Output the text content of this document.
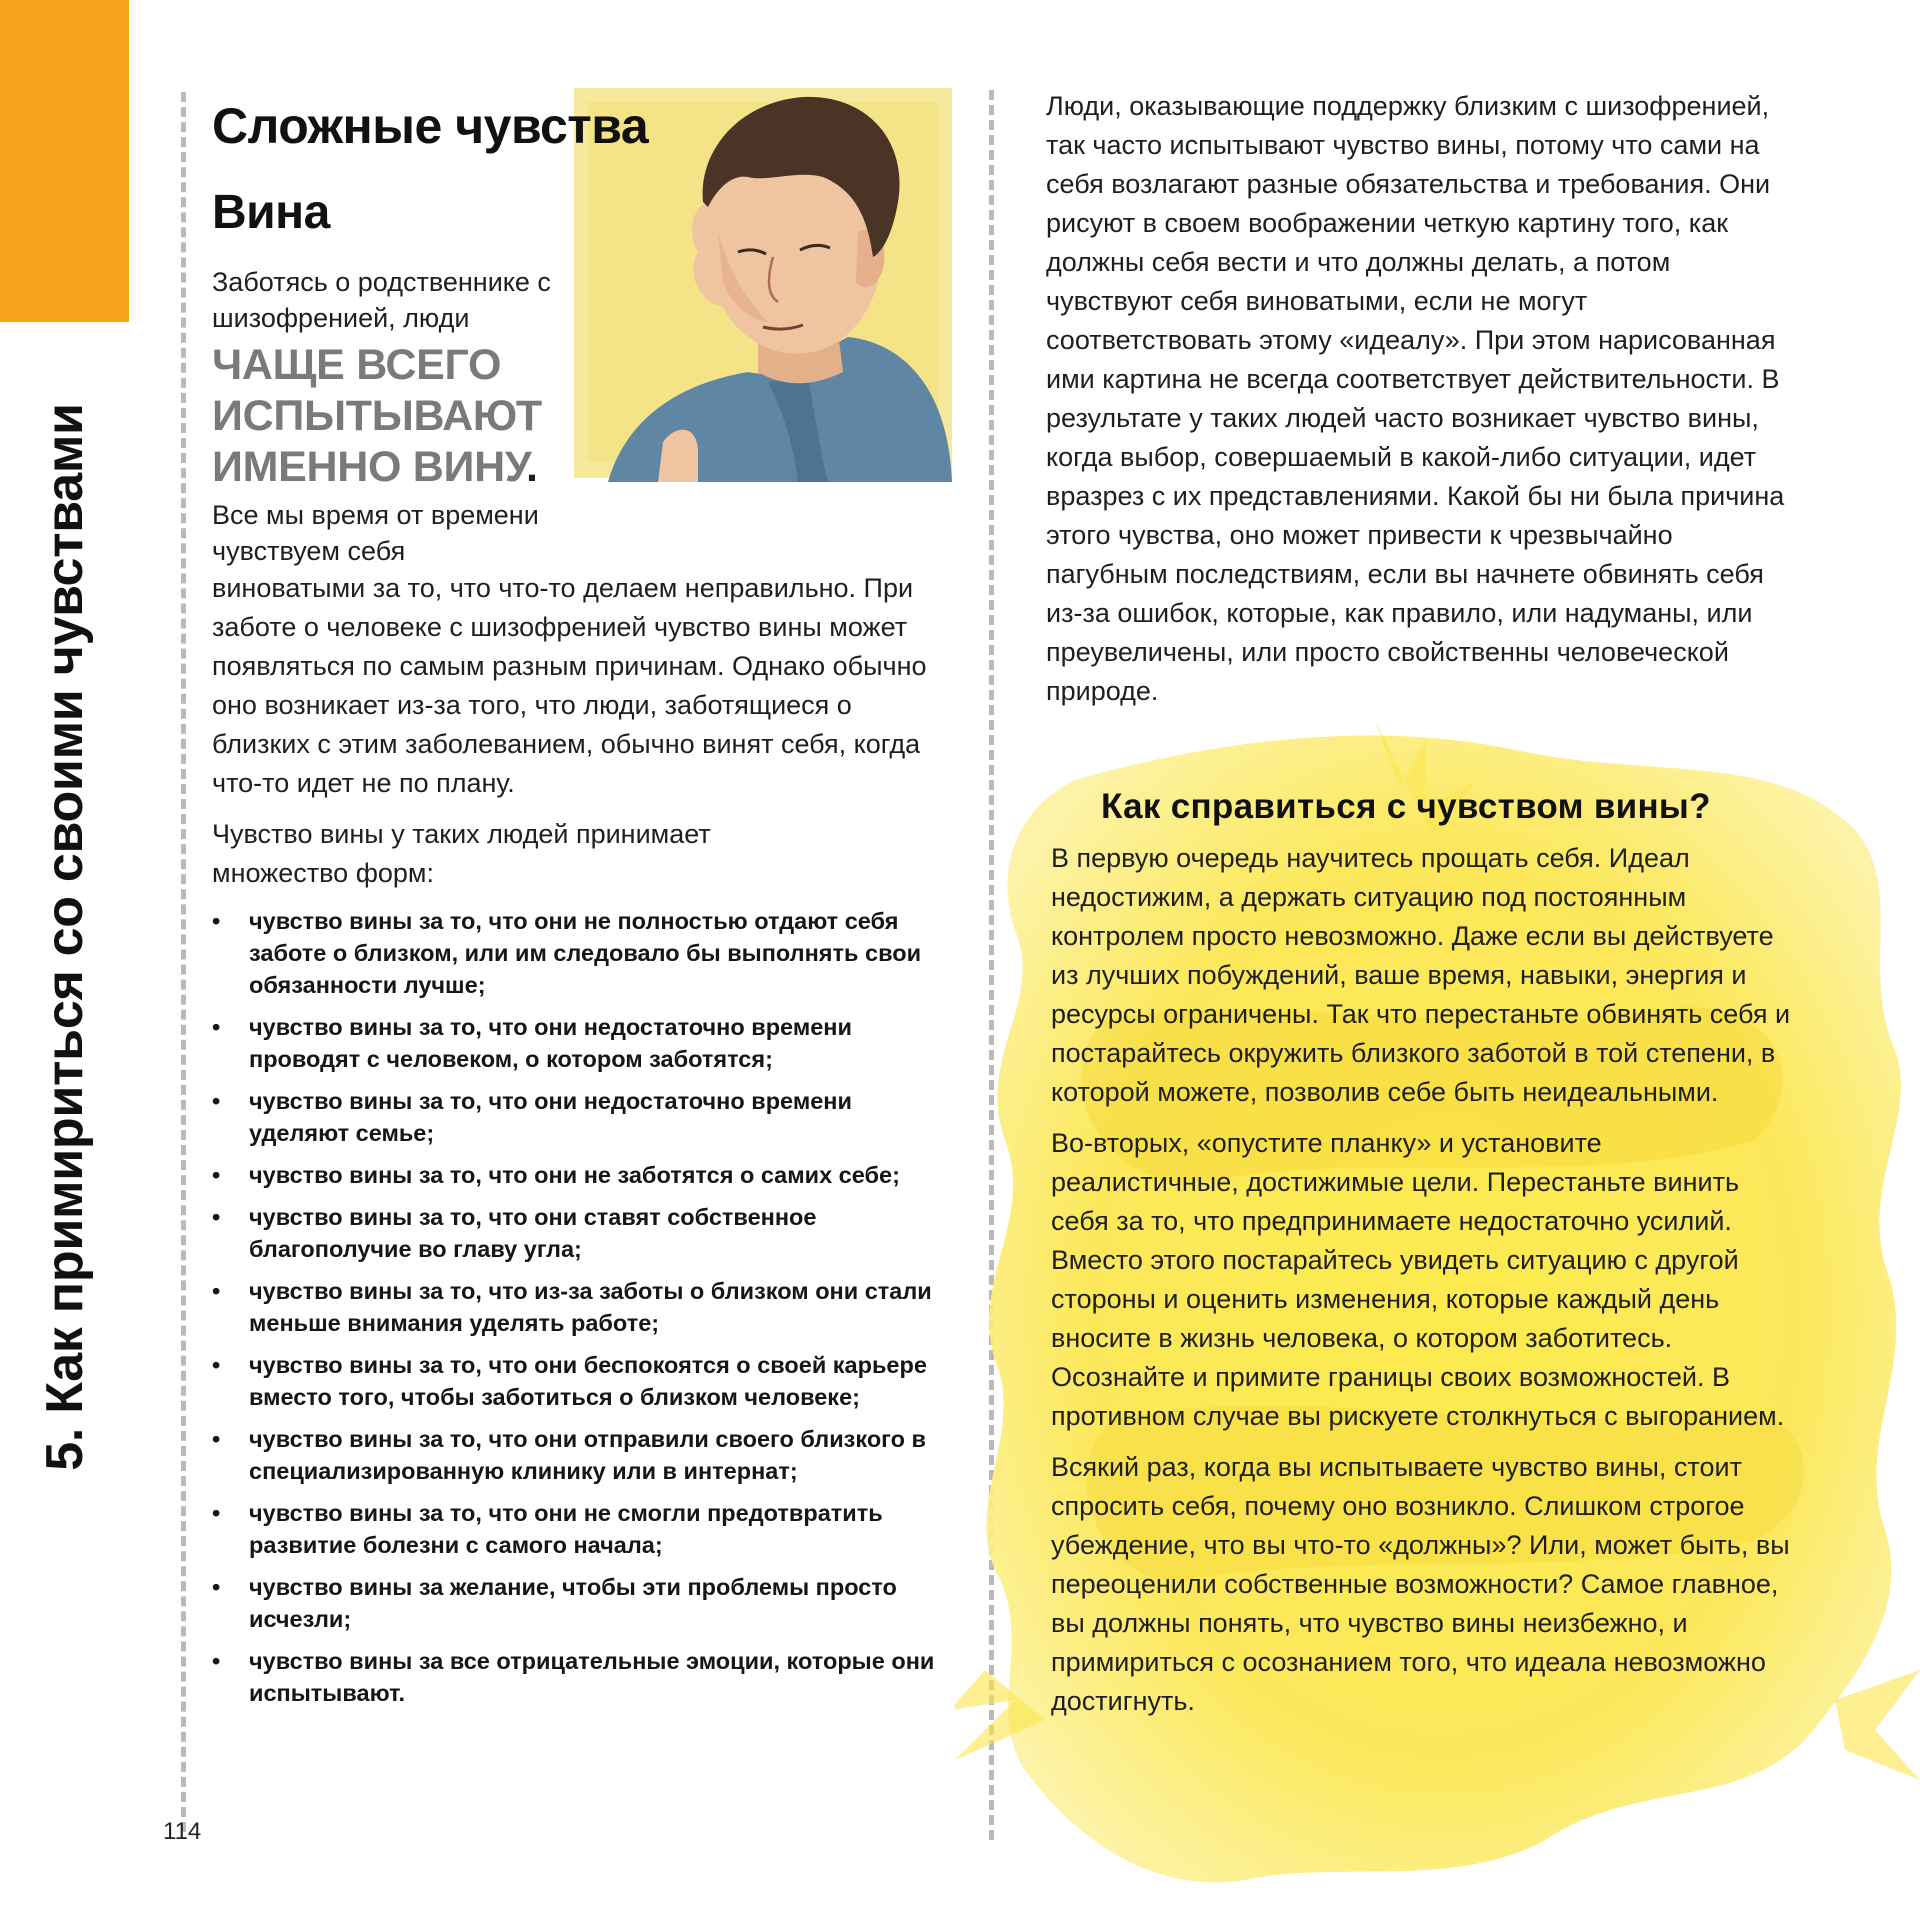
5. Как примириться со своими чувствами
Сложные чувства
Вина
Заботясь о родственнике с шизофренией, люди
ЧАЩЕ ВСЕГО ИСПЫТЫВАЮТ ИМЕННО ВИНУ.
Все мы время от времени чувствуем себя
виноватыми за то, что что-то делаем неправильно. При заботе о человеке с шизофренией чувство вины может появляться по самым разным причинам. Однако обычно оно возникает из-за того, что люди, заботящиеся о близких с этим заболеванием, обычно винят себя, когда что-то идет не по плану.
Чувство вины у таких людей принимает множество форм:
• чувство вины за то, что они не полностью отдают себя заботе о близком, или им следовало бы выполнять свои обязанности лучше;
• чувство вины за то, что они недостаточно времени проводят с человеком, о котором заботятся;
• чувство вины за то, что они недостаточно времени уделяют семье;
• чувство вины за то, что они не заботятся о самих себе;
• чувство вины за то, что они ставят собственное благополучие во главу угла;
• чувство вины за то, что из-за заботы о близком они стали меньше внимания уделять работе;
• чувство вины за то, что они беспокоятся о своей карьере вместо того, чтобы заботиться о близком человеке;
• чувство вины за то, что они отправили своего близкого в специализированную клинику или в интернат;
• чувство вины за то, что они не смогли предотвратить развитие болезни с самого начала;
• чувство вины за желание, чтобы эти проблемы просто исчезли;
• чувство вины за все отрицательные эмоции, которые они испытывают.
Люди, оказывающие поддержку близким с шизофренией, так часто испытывают чувство вины, потому что сами на себя возлагают разные обязательства и требования. Они рисуют в своем воображении четкую картину того, как должны себя вести и что должны делать, а потом чувствуют себя виноватыми, если не могут соответствовать этому «идеалу». При этом нарисованная ими картина не всегда соответствует действительности. В результате у таких людей часто возникает чувство вины, когда выбор, совершаемый в какой-либо ситуации, идет вразрез с их представлениями. Какой бы ни была причина этого чувства, оно может привести к чрезвычайно пагубным последствиям, если вы начнете обвинять себя из-за ошибок, которые, как правило, или надуманы, или преувеличены, или просто свойственны человеческой природе.
Как справиться с чувством вины?

В первую очередь научитесь прощать себя. Идеал недостижим, а держать ситуацию под постоянным контролем просто невозможно. Даже если вы действуете из лучших побуждений, ваше время, навыки, энергия и ресурсы ограничены. Так что перестаньте обвинять себя и постарайтесь окружить близкого заботой в той степени, в которой можете, позволив себе быть неидеальными.

Во-вторых, «опустите планку» и установите реалистичные, достижимые цели. Перестаньте винить себя за то, что предпринимаете недостаточно усилий. Вместо этого постарайтесь увидеть ситуацию с другой стороны и оценить изменения, которые каждый день вносите в жизнь человека, о котором заботитесь. Осознайте и примите границы своих возможностей. В противном случае вы рискуете столкнуться с выгоранием.

Всякий раз, когда вы испытываете чувство вины, стоит спросить себя, почему оно возникло. Слишком строгое убеждение, что вы что-то «должны»? Или, может быть, вы переоценили собственные возможности? Самое главное, вы должны понять, что чувство вины неизбежно, и примириться с осознанием того, что идеала невозможно достигнуть.

114
